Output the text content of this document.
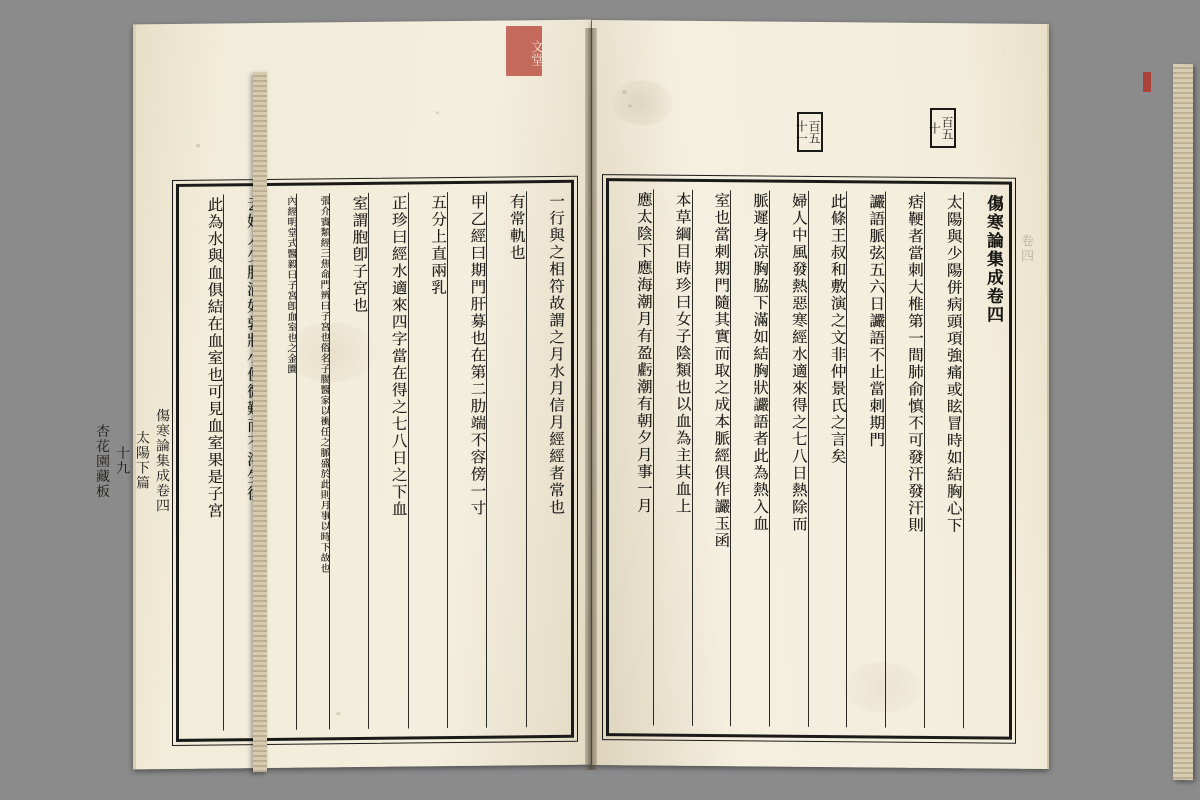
傷寒論集成卷四
太陽下篇
十九
杏花園藏板	一行與之相符故謂之月水月信月經經者常也
有常軌也
甲乙經曰期門肝募也在第二肋端不容傍一寸
五分上直兩乳
正珍曰經水適來四字當在得之七八日之下血
室謂胞卽子宮也
張介賓類經三焦命門辨曰子宮也俗名子腸醫家以衝任之脈盛於此則月事以時下故也
內經明堂式醫毅曰子宮卽血室也之金匱
此為水與血俱結在血室也可見血室果是子宮	傷寒論集成卷四
太陽與少陽併病頭項強痛或眩冒時如結胸心下
痞鞕者當刺大椎第一間肺俞慎不可發汗發汗則
讝語脈弦五六日讝語不止當刺期門
此條王叔和敷演之文非仲景氏之言矣
婦人中風發熱惡寒經水適來得之七八日熱除而
脈遲身凉胸脇下滿如結胸狀讝語者此為熱入血
室也當刺期門隨其實而取之成本脈經俱作讝玉函
本草綱目時珍曰女子陰類也以血為主其血上
應太陰下應海潮月有盈虧潮有朝夕月事一月	卷四
百五十一	百五十
文堂
